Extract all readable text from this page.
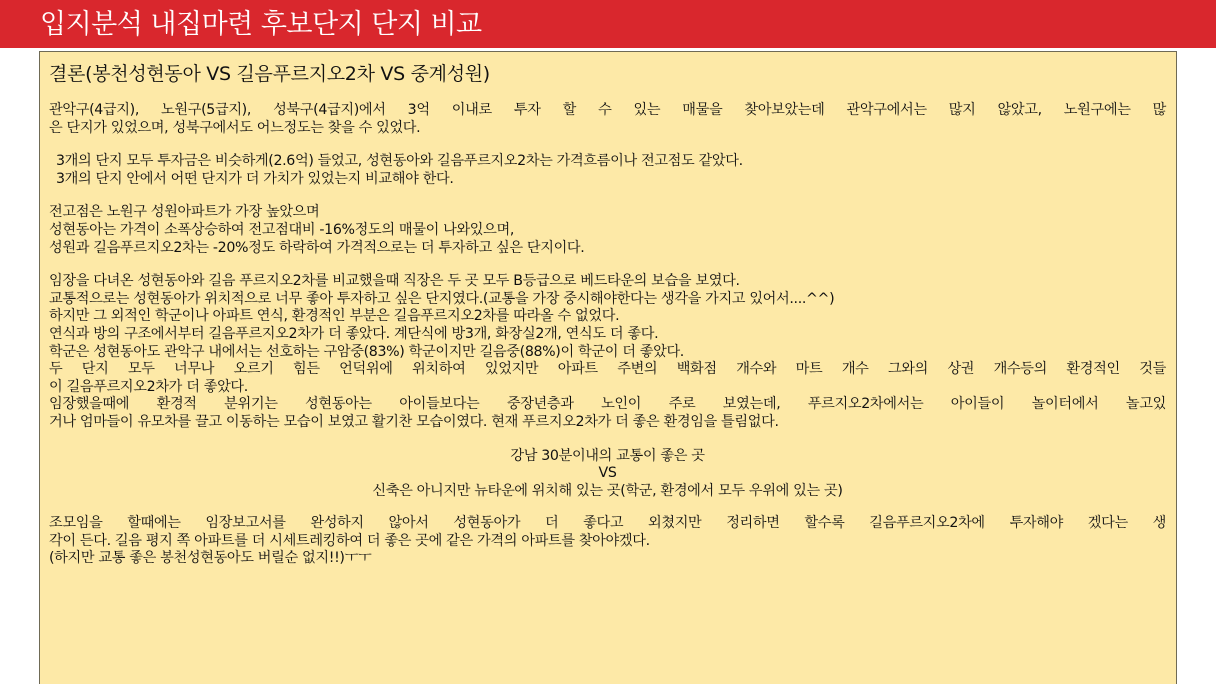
입지분석 내집마련 후보단지 단지 비교
결론(봉천성현동아 VS 길음푸르지오2차 VS 중계성원)
관악구(4급지), 노원구(5급지), 성북구(4급지)에서 3억 이내로 투자 할 수 있는 매물을 찾아보았는데 관악구에서는 많지 않았고, 노원구에는 많
은 단지가 있었으며, 성북구에서도 어느정도는 찾을 수 있었다.
3개의 단지 모두 투자금은 비슷하게(2.6억) 들었고, 성현동아와 길음푸르지오2차는 가격흐름이나 전고점도 같았다.
3개의 단지 안에서 어떤 단지가 더 가치가 있었는지 비교해야 한다.
전고점은 노원구 성원아파트가 가장 높았으며
성현동아는 가격이 소폭상승하여 전고점대비 -16%정도의 매물이 나와있으며,
성원과 길음푸르지오2차는 -20%정도 하락하여 가격적으로는 더 투자하고 싶은 단지이다.
임장을 다녀온 성현동아와 길음 푸르지오2차를 비교했을때 직장은 두 곳 모두 B등급으로 베드타운의 보습을 보였다.
교통적으로는 성현동아가 위치적으로 너무 좋아 투자하고 싶은 단지였다.(교통을 가장 중시해야한다는 생각을 가지고 있어서....^^)
하지만 그 외적인 학군이나 아파트 연식, 환경적인 부분은 길음푸르지오2차를 따라올 수 없었다.
연식과 방의 구조에서부터 길음푸르지오2차가 더 좋았다. 계단식에 방3개, 화장실2개, 연식도 더 좋다.
학군은 성현동아도 관악구 내에서는 선호하는 구암중(83%) 학군이지만 길음중(88%)이 학군이 더 좋았다.
두 단지 모두 너무나 오르기 힘든 언덕위에 위치하여 있었지만 아파트 주변의 백화점 개수와 마트 개수 그와의 상권 개수등의 환경적인 것들
이 길음푸르지오2차가 더 좋았다.
임장했을때에 환경적 분위기는 성현동아는 아이들보다는 중장년층과 노인이 주로 보였는데, 푸르지오2차에서는 아이들이 놀이터에서 놀고있
거나 엄마들이 유모차를 끌고 이동하는 모습이 보였고 활기찬 모습이였다. 현재 푸르지오2차가 더 좋은 환경임을 틀림없다.
강남 30분이내의 교통이 좋은 곳
VS
신축은 아니지만 뉴타운에 위치해 있는 곳(학군, 환경에서 모두 우위에 있는 곳)
조모임을 할때에는 임장보고서를 완성하지 않아서 성현동아가 더 좋다고 외쳤지만 정리하면 할수록 길음푸르지오2차에 투자해야 겠다는 생
각이 든다. 길음 평지 쪽 아파트를 더 시세트레킹하여 더 좋은 곳에 같은 가격의 아파트를 찾아야겠다.
(하지만 교통 좋은 봉천성현동아도 버릴순 없지!!)ㅜㅜ
